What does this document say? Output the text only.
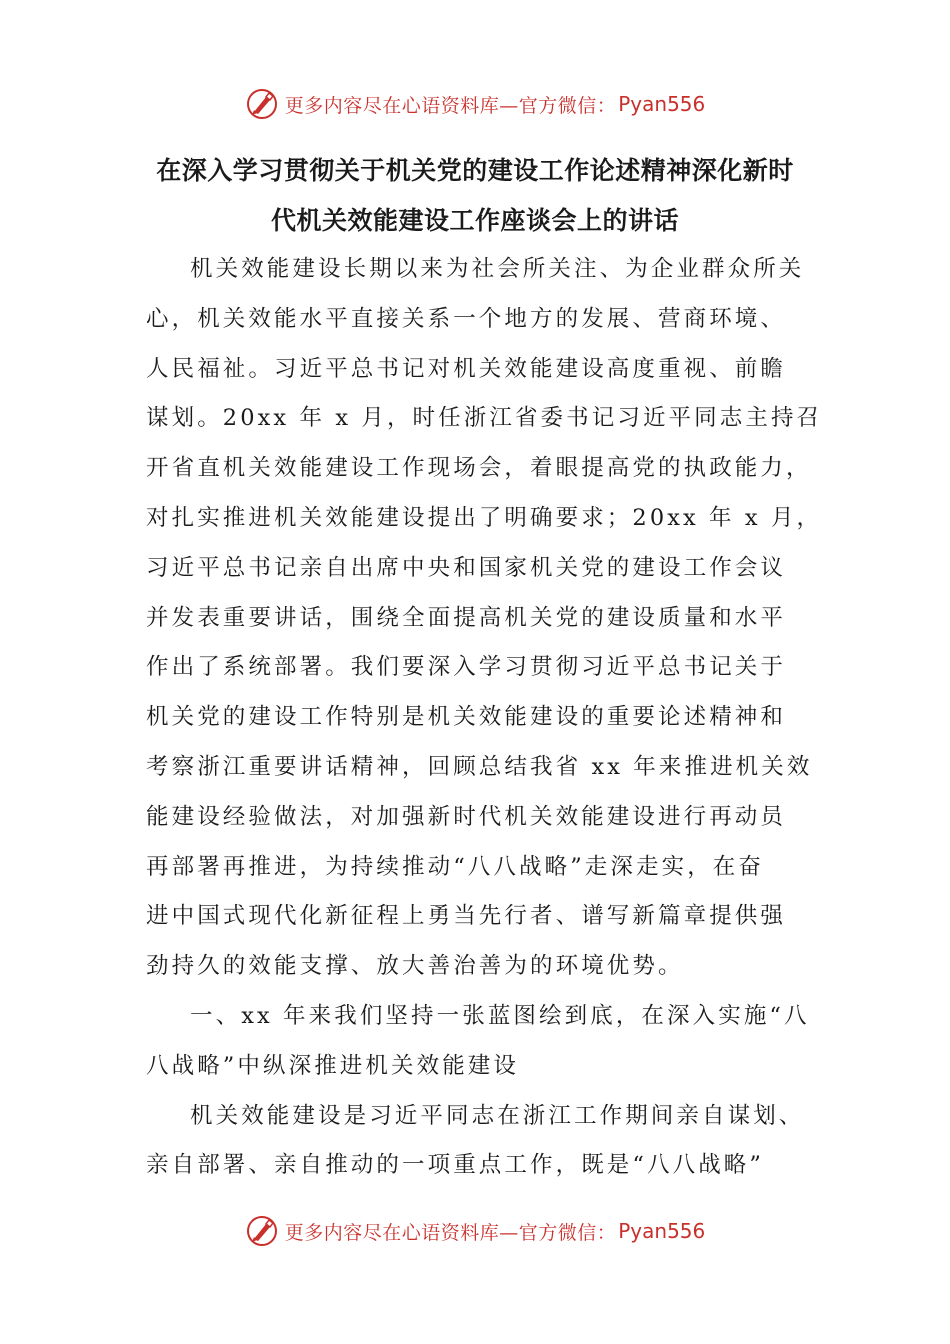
更多内容尽在心语资料库—官方微信： Pyan556
在深入学习贯彻关于机关党的建设工作论述精神深化新时
代机关效能建设工作座谈会上的讲话
机关效能建设长期以来为社会所关注、为企业群众所关
心，机关效能水平直接关系一个地方的发展、营商环境、
人民福祉。习近平总书记对机关效能建设高度重视、前瞻
谋划。20xx 年 x 月，时任浙江省委书记习近平同志主持召
开省直机关效能建设工作现场会，着眼提高党的执政能力，
对扎实推进机关效能建设提出了明确要求；20xx 年 x 月，
习近平总书记亲自出席中央和国家机关党的建设工作会议
并发表重要讲话，围绕全面提高机关党的建设质量和水平
作出了系统部署。我们要深入学习贯彻习近平总书记关于
机关党的建设工作特别是机关效能建设的重要论述精神和
考察浙江重要讲话精神，回顾总结我省 xx 年来推进机关效
能建设经验做法，对加强新时代机关效能建设进行再动员
再部署再推进，为持续推动“八八战略”走深走实，在奋
进中国式现代化新征程上勇当先行者、谱写新篇章提供强
劲持久的效能支撑、放大善治善为的环境优势。
一、xx 年来我们坚持一张蓝图绘到底，在深入实施“八
八战略”中纵深推进机关效能建设
机关效能建设是习近平同志在浙江工作期间亲自谋划、
亲自部署、亲自推动的一项重点工作，既是“八八战略”
更多内容尽在心语资料库—官方微信： Pyan556
